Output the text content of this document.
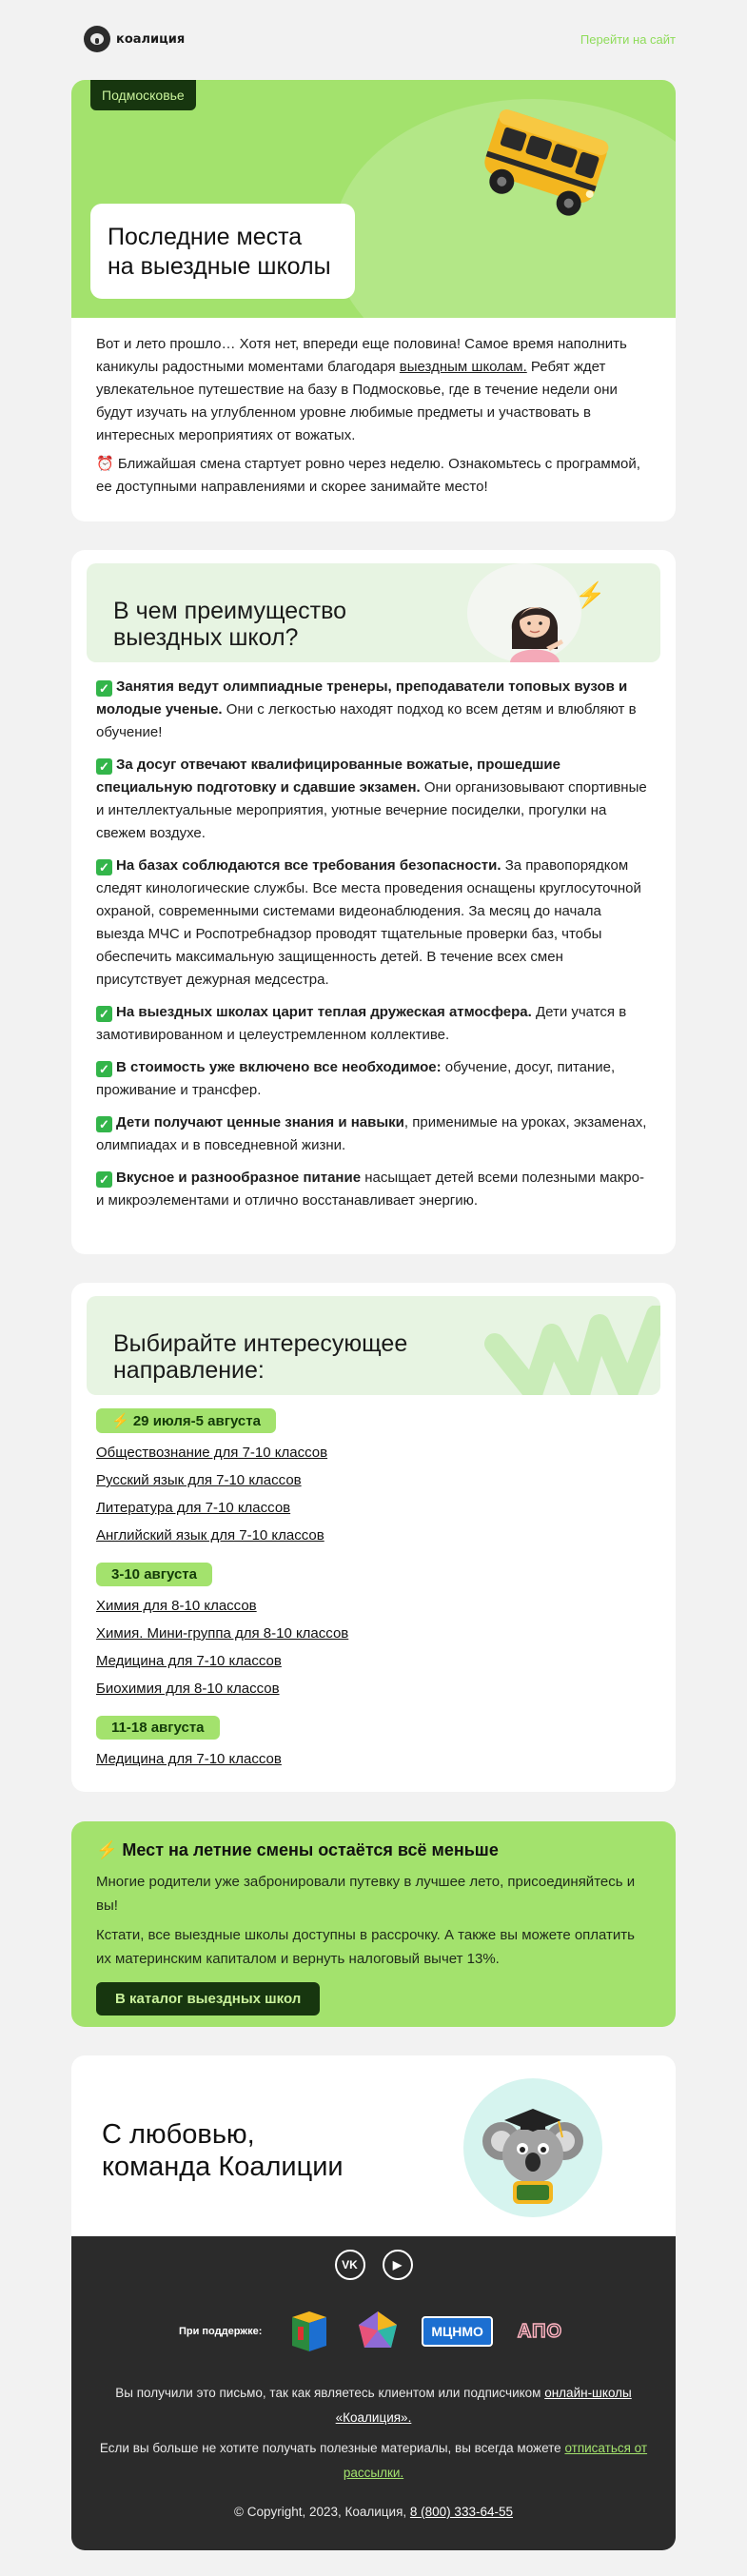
коалиция	Перейти на сайт
Подмосковье
Последние места
на выездные школы

Вот и лето прошло… Хотя нет, впереди еще половина! Самое время наполнить каникулы радостными моментами благодаря выездным школам. Ребят ждет увлекательное путешествие на базу в Подмосковье, где в течение недели они будут изучать на углубленном уровне любимые предметы и участвовать в интересных мероприятиях от вожатых.

⏰ Ближайшая смена стартует ровно через неделю. Ознакомьтесь с программой, ее доступными направлениями и скорее занимайте место!

В чем преимущество
выездных школ?
⚡

✓ Занятия ведут олимпиадные тренеры, преподаватели топовых вузов и молодые ученые. Они с легкостью находят подход ко всем детям и влюбляют в обучение!

✓ За досуг отвечают квалифицированные вожатые, прошедшие специальную подготовку и сдавшие экзамен. Они организовывают спортивные и интеллектуальные мероприятия, уютные вечерние посиделки, прогулки на свежем воздухе.

✓ На базах соблюдаются все требования безопасности. За правопорядком следят кинологические службы. Все места проведения оснащены круглосуточной охраной, современными системами видеонаблюдения. За месяц до начала выезда МЧС и Роспотребнадзор проводят тщательные проверки баз, чтобы обеспечить максимальную защищенность детей. В течение всех смен присутствует дежурная медсестра.

✓ На выездных школах царит теплая дружеская атмосфера. Дети учатся в замотивированном и целеустремленном коллективе.

✓ В стоимость уже включено все необходимое: обучение, досуг, питание, проживание и трансфер.

✓ Дети получают ценные знания и навыки, применимые на уроках, экзаменах, олимпиадах и в повседневной жизни.

✓ Вкусное и разнообразное питание насыщает детей всеми полезными макро- и микроэлементами и отлично восстанавливает энергию.

Выбирайте интересующее
направление:
⚡ 29 июля-5 августа
Обществознание для 7-10 классов
Русский язык для 7-10 классов
Литература для 7-10 классов
Английский язык для 7-10 классов
3-10 августа
Химия для 8-10 классов
Химия. Мини-группа для 8-10 классов
Медицина для 7-10 классов
Биохимия для 8-10 классов
11-18 августа
Медицина для 7-10 классов
⚡ Мест на летние смены остаётся всё меньше

Многие родители уже забронировали путевку в лучшее лето, присоединяйтесь и вы!

Кстати, все выездные школы доступны в рассрочку. А также вы можете оплатить их материнским капиталом и вернуть налоговый вычет 13%.

В каталог выездных школ
С любовью,
команда Коалиции
VK	▶
При поддержке:	МЦНМО	АПО
Вы получили это письмо, так как являетесь клиентом или подписчиком онлайн-школы «Коалиция».
Если вы больше не хотите получать полезные материалы, вы всегда можете отписаться от рассылки.
© Copyright, 2023, Коалиция, 8 (800) 333-64-55
